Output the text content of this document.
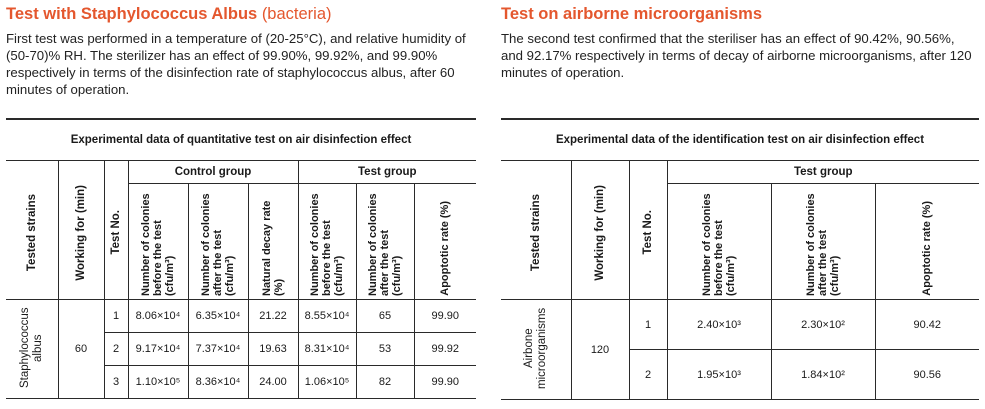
Test with Staphylococcus Albus (bacteria)

First test was performed in a temperature of (20-25°C), and relative humidity of (50-70)% RH. The sterilizer has an effect of 99.90%, 99.92%, and 99.90% respectively in terms of the disinfection rate of staphylococcus albus, after 60 minutes of operation.

Experimental data of quantitative test on air disinfection effect
Tested strains	Working for (min)	Test No.	Control group			Test group		
			Number of colonies before the test (cfu/m³)	Number of colonies after the test (cfu/m³)	Natural decay rate (%)	Number of colonies before the test (cfu/m³)	Number of colonies after the test (cfu/m³)	Apoptotic rate (%)
Staphylococcus albus	60	1	8.06×10⁴	6.35×10⁴	21.22	8.55×10⁴	65	99.90
		2	9.17×10⁴	7.37×10⁴	19.63	8.31×10⁴	53	99.92
		3	1.10×10⁵	8.36×10⁴	24.00	1.06×10⁵	82	99.90
Test on airborne microorganisms

The second test confirmed that the steriliser has an effect of 90.42%, 90.56%, and 92.17% respectively in terms of decay of airborne microorganisms, after 120 minutes of operation.

Experimental data of the identification test on air disinfection effect
Tested strains	Working for (min)	Test No.	Test group		
			Number of colonies before the test (cfu/m³)	Number of colonies after the test (cfu/m³)	Apoptotic rate (%)
Airbone microorganisms	120	1	2.40×10³	2.30×10²	90.42
		2	1.95×10³	1.84×10²	90.56
